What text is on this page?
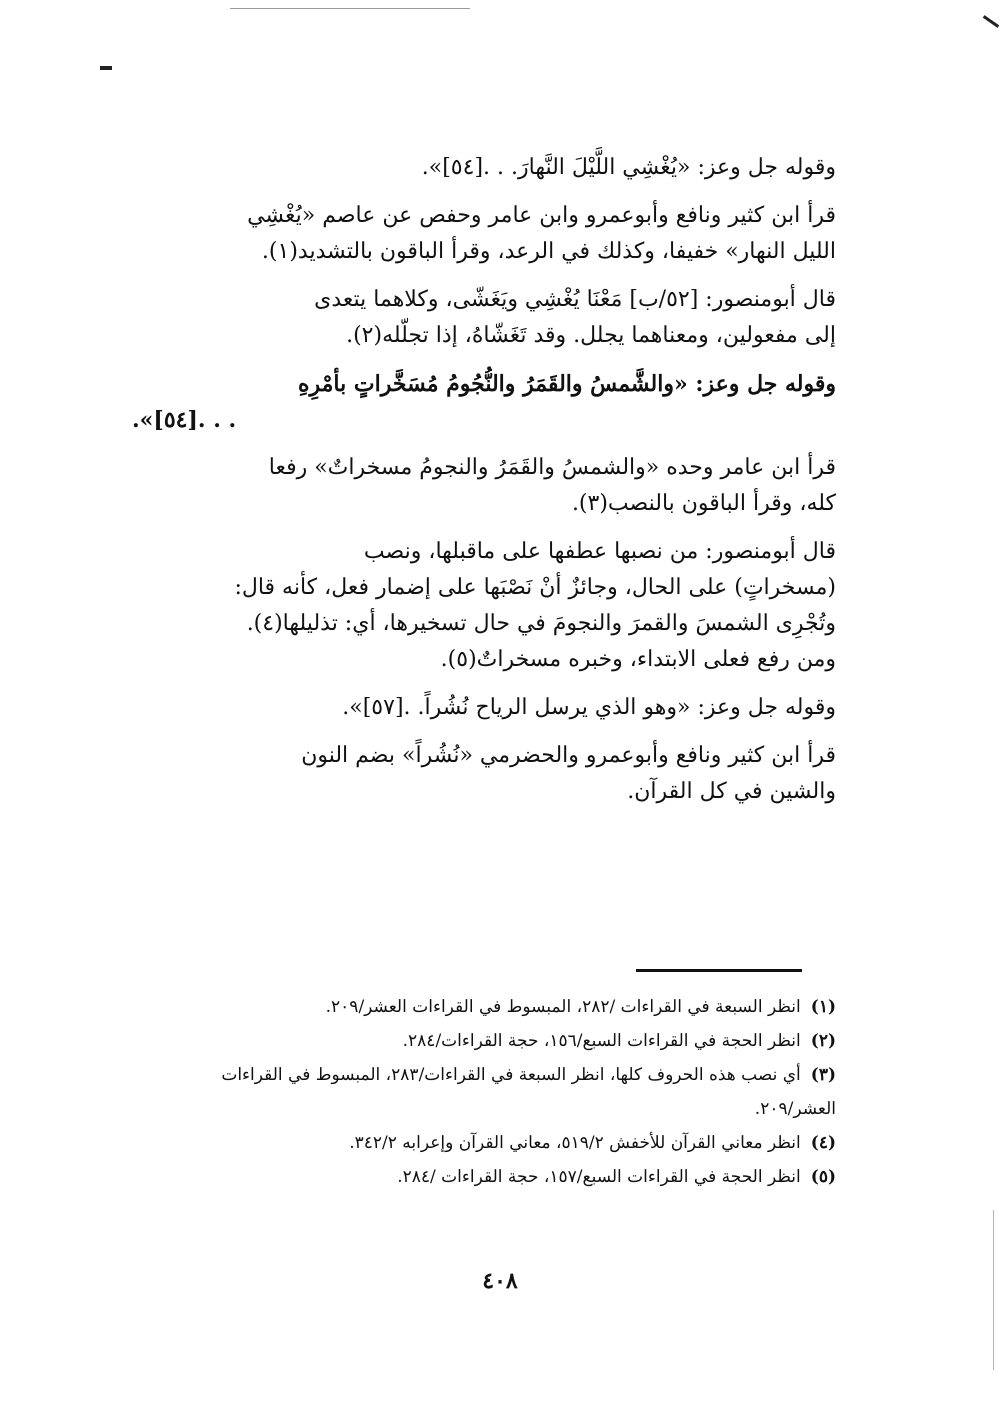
وقوله جل وعز: «يُغْشِي اللَّيْلَ النَّهارَ. . .[٥٤]».

قرأ ابن كثير ونافع وأبوعمرو وابن عامر وحفص عن عاصم «يُغْشِي

الليل النهار» خفيفا، وكذلك في الرعد، وقرأ الباقون بالتشديد(١).

قال أبومنصور: [٥٢/ب] مَعْنَا يُغْشِي ويَغَشّى، وكلاهما يتعدى

إلى مفعولين، ومعناهما يجلل. وقد تَغَشّاهُ، إذا تجلّله(٢).

وقوله جل وعز: «والشَّمسُ والقَمَرُ والنُّجُومُ مُسَخَّراتٍ بأمْرِهِ

. . .[٥٤]».

قرأ ابن عامر وحده «والشمسُ والقَمَرُ والنجومُ مسخراتٌ» رفعا

كله، وقرأ الباقون بالنصب(٣).

قال أبومنصور: من نصبها عطفها على ماقبلها، ونصب

(مسخراتٍ) على الحال، وجائزٌ أنْ نَصْبَها على إضمار فعل، كأنه قال:

وتُجْرِى الشمسَ والقمرَ والنجومَ في حال تسخيرها، أي: تذليلها(٤).

ومن رفع فعلى الابتداء، وخبره مسخراتٌ(٥).

وقوله جل وعز: «وهو الذي يرسل الرياح نُشُراً. .[٥٧]».

قرأ ابن كثير ونافع وأبوعمرو والحضرمي «نُشُراً» بضم النون

والشين في كل القرآن.

(١)انظر السبعة في القراءات /٢٨٢، المبسوط في القراءات العشر/٢٠٩.

(٢)انظر الحجة في القراءات السبع/١٥٦، حجة القراءات/٢٨٤.

(٣)أي نصب هذه الحروف كلها، انظر السبعة في القراءات/٢٨٣، المبسوط في القراءات

العشر/٢٠٩.

(٤)انظر معاني القرآن للأخفش ٥١٩/٢، معاني القرآن وإعرابه ٣٤٢/٢.

(٥)انظر الحجة في القراءات السبع/١٥٧، حجة القراءات /٢٨٤.

٤٠٨
